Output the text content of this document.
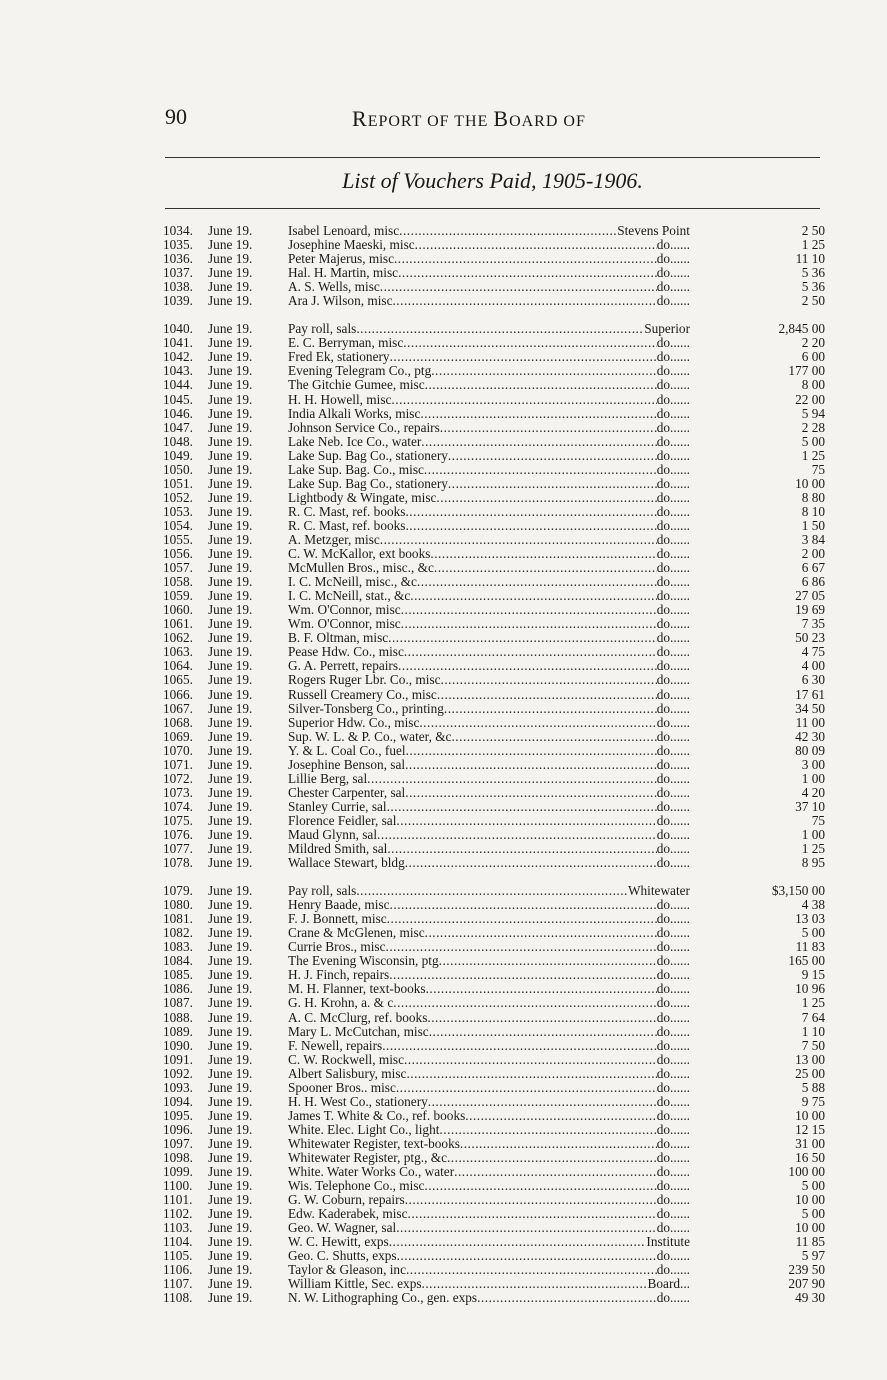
90	REPORT OF THE BOARD OF
List of Vouchers Paid, 1905-1906.
1034.	June 19.	Isabel Lenoard, misc .....	Stevens Point	2 50
1035.	June 19.	Josephine Maeski, misc .....	do......	1 25
1036.	June 19.	Peter Majerus, misc .....	do......	11 10
1037.	June 19.	Hal. H. Martin, misc .....	do......	5 36
1038.	June 19.	A. S. Wells, misc .....	do......	5 36
1039.	June 19.	Ara J. Wilson, misc .....	do......	2 50
1040.	June 19.	Pay roll, sals .....	Superior	2,845 00
1041.	June 19.	E. C. Berryman, misc .....	do......	2 20
1042.	June 19.	Fred Ek, stationery .....	do......	6 00
1043.	June 19.	Evening Telegram Co., ptg .....	do......	177 00
1044.	June 19.	The Gitchie Gumee, misc .....	do......	8 00
1045.	June 19.	H. H. Howell, misc .....	do......	22 00
1046.	June 19.	India Alkali Works, misc .....	do......	5 94
1047.	June 19.	Johnson Service Co., repairs .....	do......	2 28
1048.	June 19.	Lake Neb. Ice Co., water .....	do......	5 00
1049.	June 19.	Lake Sup. Bag Co., stationery .....	do......	1 25
1050.	June 19.	Lake Sup. Bag. Co., misc .....	do......	75
1051.	June 19.	Lake Sup. Bag Co., stationery .....	do......	10 00
1052.	June 19.	Lightbody & Wingate, misc .....	do......	8 80
1053.	June 19.	R. C. Mast, ref. books .....	do......	8 10
1054.	June 19.	R. C. Mast, ref. books .....	do......	1 50
1055.	June 19.	A. Metzger, misc .....	do......	3 84
1056.	June 19.	C. W. McKallor, ext books .....	do......	2 00
1057.	June 19.	McMullen Bros., misc., &c .....	do......	6 67
1058.	June 19.	I. C. McNeill, misc., &c .....	do......	6 86
1059.	June 19.	I. C. McNeill, stat., &c .....	do......	27 05
1060.	June 19.	Wm. O'Connor, misc .....	do......	19 69
1061.	June 19.	Wm. O'Connor, misc .....	do......	7 35
1062.	June 19.	B. F. Oltman, misc .....	do......	50 23
1063.	June 19.	Pease Hdw. Co., misc .....	do......	4 75
1064.	June 19.	G. A. Perrett, repairs .....	do......	4 00
1065.	June 19.	Rogers Ruger Lbr. Co., misc .....	do......	6 30
1066.	June 19.	Russell Creamery Co., misc .....	do......	17 61
1067.	June 19.	Silver-Tonsberg Co., printing .....	do......	34 50
1068.	June 19.	Superior Hdw. Co., misc .....	do......	11 00
1069.	June 19.	Sup. W. L. & P. Co., water, &c .....	do......	42 30
1070.	June 19.	Y. & L. Coal Co., fuel .....	do......	80 09
1071.	June 19.	Josephine Benson, sal .....	do......	3 00
1072.	June 19.	Lillie Berg, sal .....	do......	1 00
1073.	June 19.	Chester Carpenter, sal .....	do......	4 20
1074.	June 19.	Stanley Currie, sal .....	do......	37 10
1075.	June 19.	Florence Feidler, sal .....	do......	75
1076.	June 19.	Maud Glynn, sal .....	do......	1 00
1077.	June 19.	Mildred Smith, sal .....	do......	1 25
1078.	June 19.	Wallace Stewart, bldg .....	do......	8 95
1079.	June 19.	Pay roll, sals .....	Whitewater	$3,150 00
1080.	June 19.	Henry Baade, misc .....	do......	4 38
1081.	June 19.	F. J. Bonnett, misc .....	do......	13 03
1082.	June 19.	Crane & McGlenen, misc .....	do......	5 00
1083.	June 19.	Currie Bros., misc .....	do......	11 83
1084.	June 19.	The Evening Wisconsin, ptg .....	do......	165 00
1085.	June 19.	H. J. Finch, repairs .....	do......	9 15
1086.	June 19.	M. H. Flanner, text-books .....	do......	10 96
1087.	June 19.	G. H. Krohn, a. & c .....	do......	1 25
1088.	June 19.	A. C. McClurg, ref. books .....	do......	7 64
1089.	June 19.	Mary L. McCutchan, misc .....	do......	1 10
1090.	June 19.	F. Newell, repairs .....	do......	7 50
1091.	June 19.	C. W. Rockwell, misc .....	do......	13 00
1092.	June 19.	Albert Salisbury, misc .....	do......	25 00
1093.	June 19.	Spooner Bros.. misc .....	do......	5 88
1094.	June 19.	H. H. West Co., stationery .....	do......	9 75
1095.	June 19.	James T. White & Co., ref. books .....	do......	10 00
1096.	June 19.	White. Elec. Light Co., light .....	do......	12 15
1097.	June 19.	Whitewater Register, text-books .....	do......	31 00
1098.	June 19.	Whitewater Register, ptg., &c .....	do......	16 50
1099.	June 19.	White. Water Works Co., water .....	do......	100 00
1100.	June 19.	Wis. Telephone Co., misc .....	do......	5 00
1101.	June 19.	G. W. Coburn, repairs .....	do......	10 00
1102.	June 19.	Edw. Kaderabek, misc .....	do......	5 00
1103.	June 19.	Geo. W. Wagner, sal .....	do......	10 00
1104.	June 19.	W. C. Hewitt, exps .....	Institute	11 85
1105.	June 19.	Geo. C. Shutts, exps .....	do......	5 97
1106.	June 19.	Taylor & Gleason, inc .....	do......	239 50
1107.	June 19.	William Kittle, Sec. exps .....	Board...	207 90
1108.	June 19.	N. W. Lithographing Co., gen. exps .....	do......	49 30
